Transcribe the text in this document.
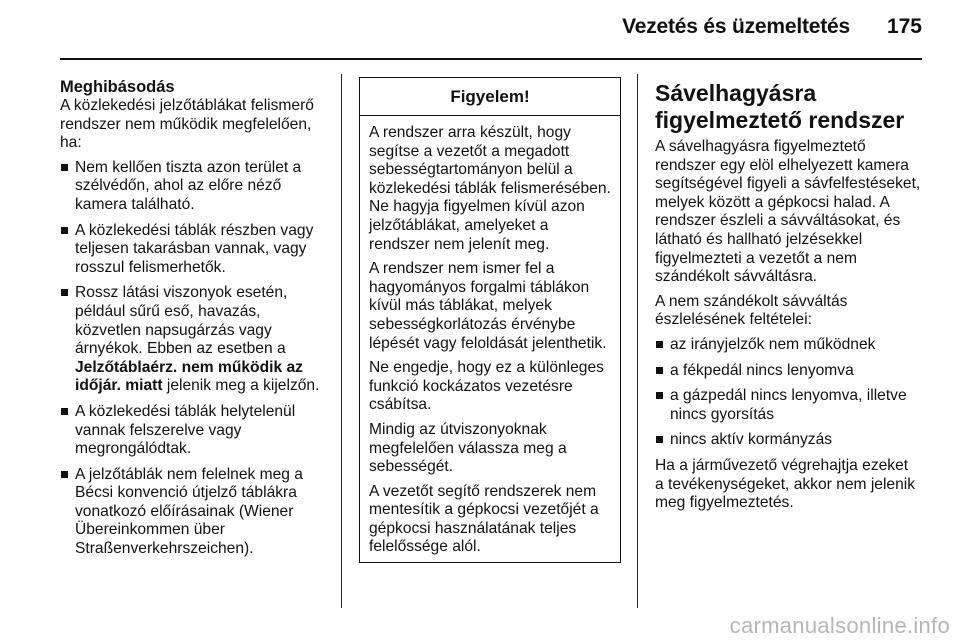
Vezetés és üzemeltetés 175
Meghibásodás

A közlekedési jelzőtáblákat felismerő rendszer nem működik megfelelően, ha:

Nem kellően tiszta azon terület a szélvédőn, ahol az előre néző kamera található.
A közlekedési táblák részben vagy teljesen takarásban vannak, vagy rosszul felismerhetők.
Rossz látási viszonyok esetén, például sűrű eső, havazás, közvetlen napsugárzás vagy árnyékok. Ebben az esetben a Jelzőtáblaérz. nem működik az időjár. miatt jelenik meg a kijelzőn.
A közlekedési táblák helytelenül vannak felszerelve vagy megrongálódtak.
A jelzőtáblák nem felelnek meg a Bécsi konvenció útjelző táblákra vonatkozó előírásainak (Wiener Übereinkommen über Straßenverkehrszeichen).
Figyelem!

A rendszer arra készült, hogy segítse a vezetőt a megadott sebességtartományon belül a közlekedési táblák felismerésében. Ne hagyja figyelmen kívül azon jelzőtáblákat, amelyeket a rendszer nem jelenít meg.

A rendszer nem ismer fel a hagyományos forgalmi táblákon kívül más táblákat, melyek sebességkorlátozás érvénybe lépését vagy feloldását jelenthetik.

Ne engedje, hogy ez a különleges funkció kockázatos vezetésre csábítsa.

Mindig az útviszonyoknak megfelelően válassza meg a sebességét.

A vezetőt segítő rendszerek nem mentesítik a gépkocsi vezetőjét a gépkocsi használatának teljes felelőssége alól.

Sávelhagyásra figyelmeztető rendszer

A sávelhagyásra figyelmeztető rendszer egy elöl elhelyezett kamera segítségével figyeli a sávfelfestéseket, melyek között a gépkocsi halad. A rendszer észleli a sávváltásokat, és látható és hallható jelzésekkel figyelmezteti a vezetőt a nem szándékolt sávváltásra.

A nem szándékolt sávváltás észlelésének feltételei:

az irányjelzők nem működnek
a fékpedál nincs lenyomva
a gázpedál nincs lenyomva, illetve nincs gyorsítás
nincs aktív kormányzás

Ha a járművezető végrehajtja ezeket a tevékenységeket, akkor nem jelenik meg figyelmeztetés.

carmanualsonline.info
